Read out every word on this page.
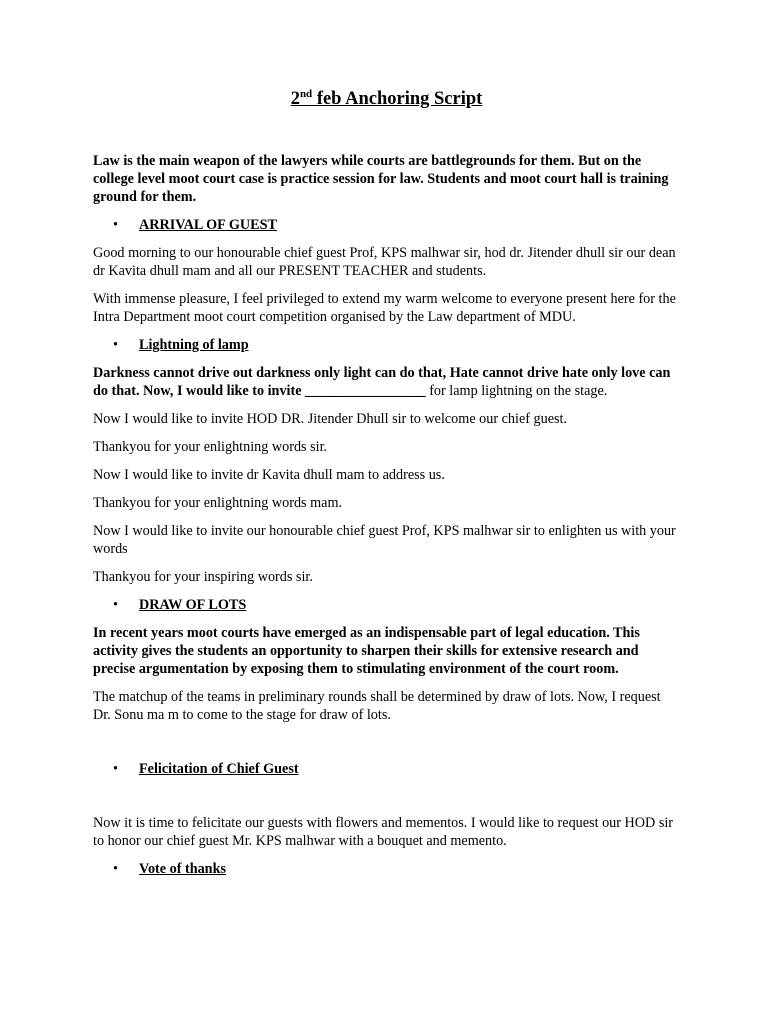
2nd feb Anchoring Script

Law is the main weapon of the lawyers while courts are battlegrounds for them. But on the college level moot court case is practice session for law. Students and moot court hall is training ground for them.

• ARRIVAL OF GUEST

Good morning to our honourable chief guest Prof, KPS malhwar sir, hod dr. Jitender dhull sir our dean dr Kavita dhull mam and all our PRESENT TEACHER and students.

With immense pleasure, I feel privileged to extend my warm welcome to everyone present here for the Intra Department moot court competition organised by the Law department of MDU.

• Lightning of lamp

Darkness cannot drive out darkness only light can do that, Hate cannot drive hate only love can do that. Now, I would like to invite _________________ for lamp lightning on the stage.

Now I would like to invite HOD DR. Jitender Dhull sir to welcome our chief guest.

Thankyou for your enlightning words sir.

Now I would like to invite dr Kavita dhull mam to address us.

Thankyou for your enlightning words mam.

Now I would like to invite our honourable chief guest Prof, KPS malhwar sir to enlighten us with your words

Thankyou for your inspiring words sir.

• DRAW OF LOTS

In recent years moot courts have emerged as an indispensable part of legal education. This activity gives the students an opportunity to sharpen their skills for extensive research and precise argumentation by exposing them to stimulating environment of the court room.

The matchup of the teams in preliminary rounds shall be determined by draw of lots. Now, I request Dr. Sonu ma m to come to the stage for draw of lots.

• Felicitation of Chief Guest

Now it is time to felicitate our guests with flowers and mementos. I would like to request our HOD sir to honor our chief guest Mr. KPS malhwar with a bouquet and memento.

• Vote of thanks
